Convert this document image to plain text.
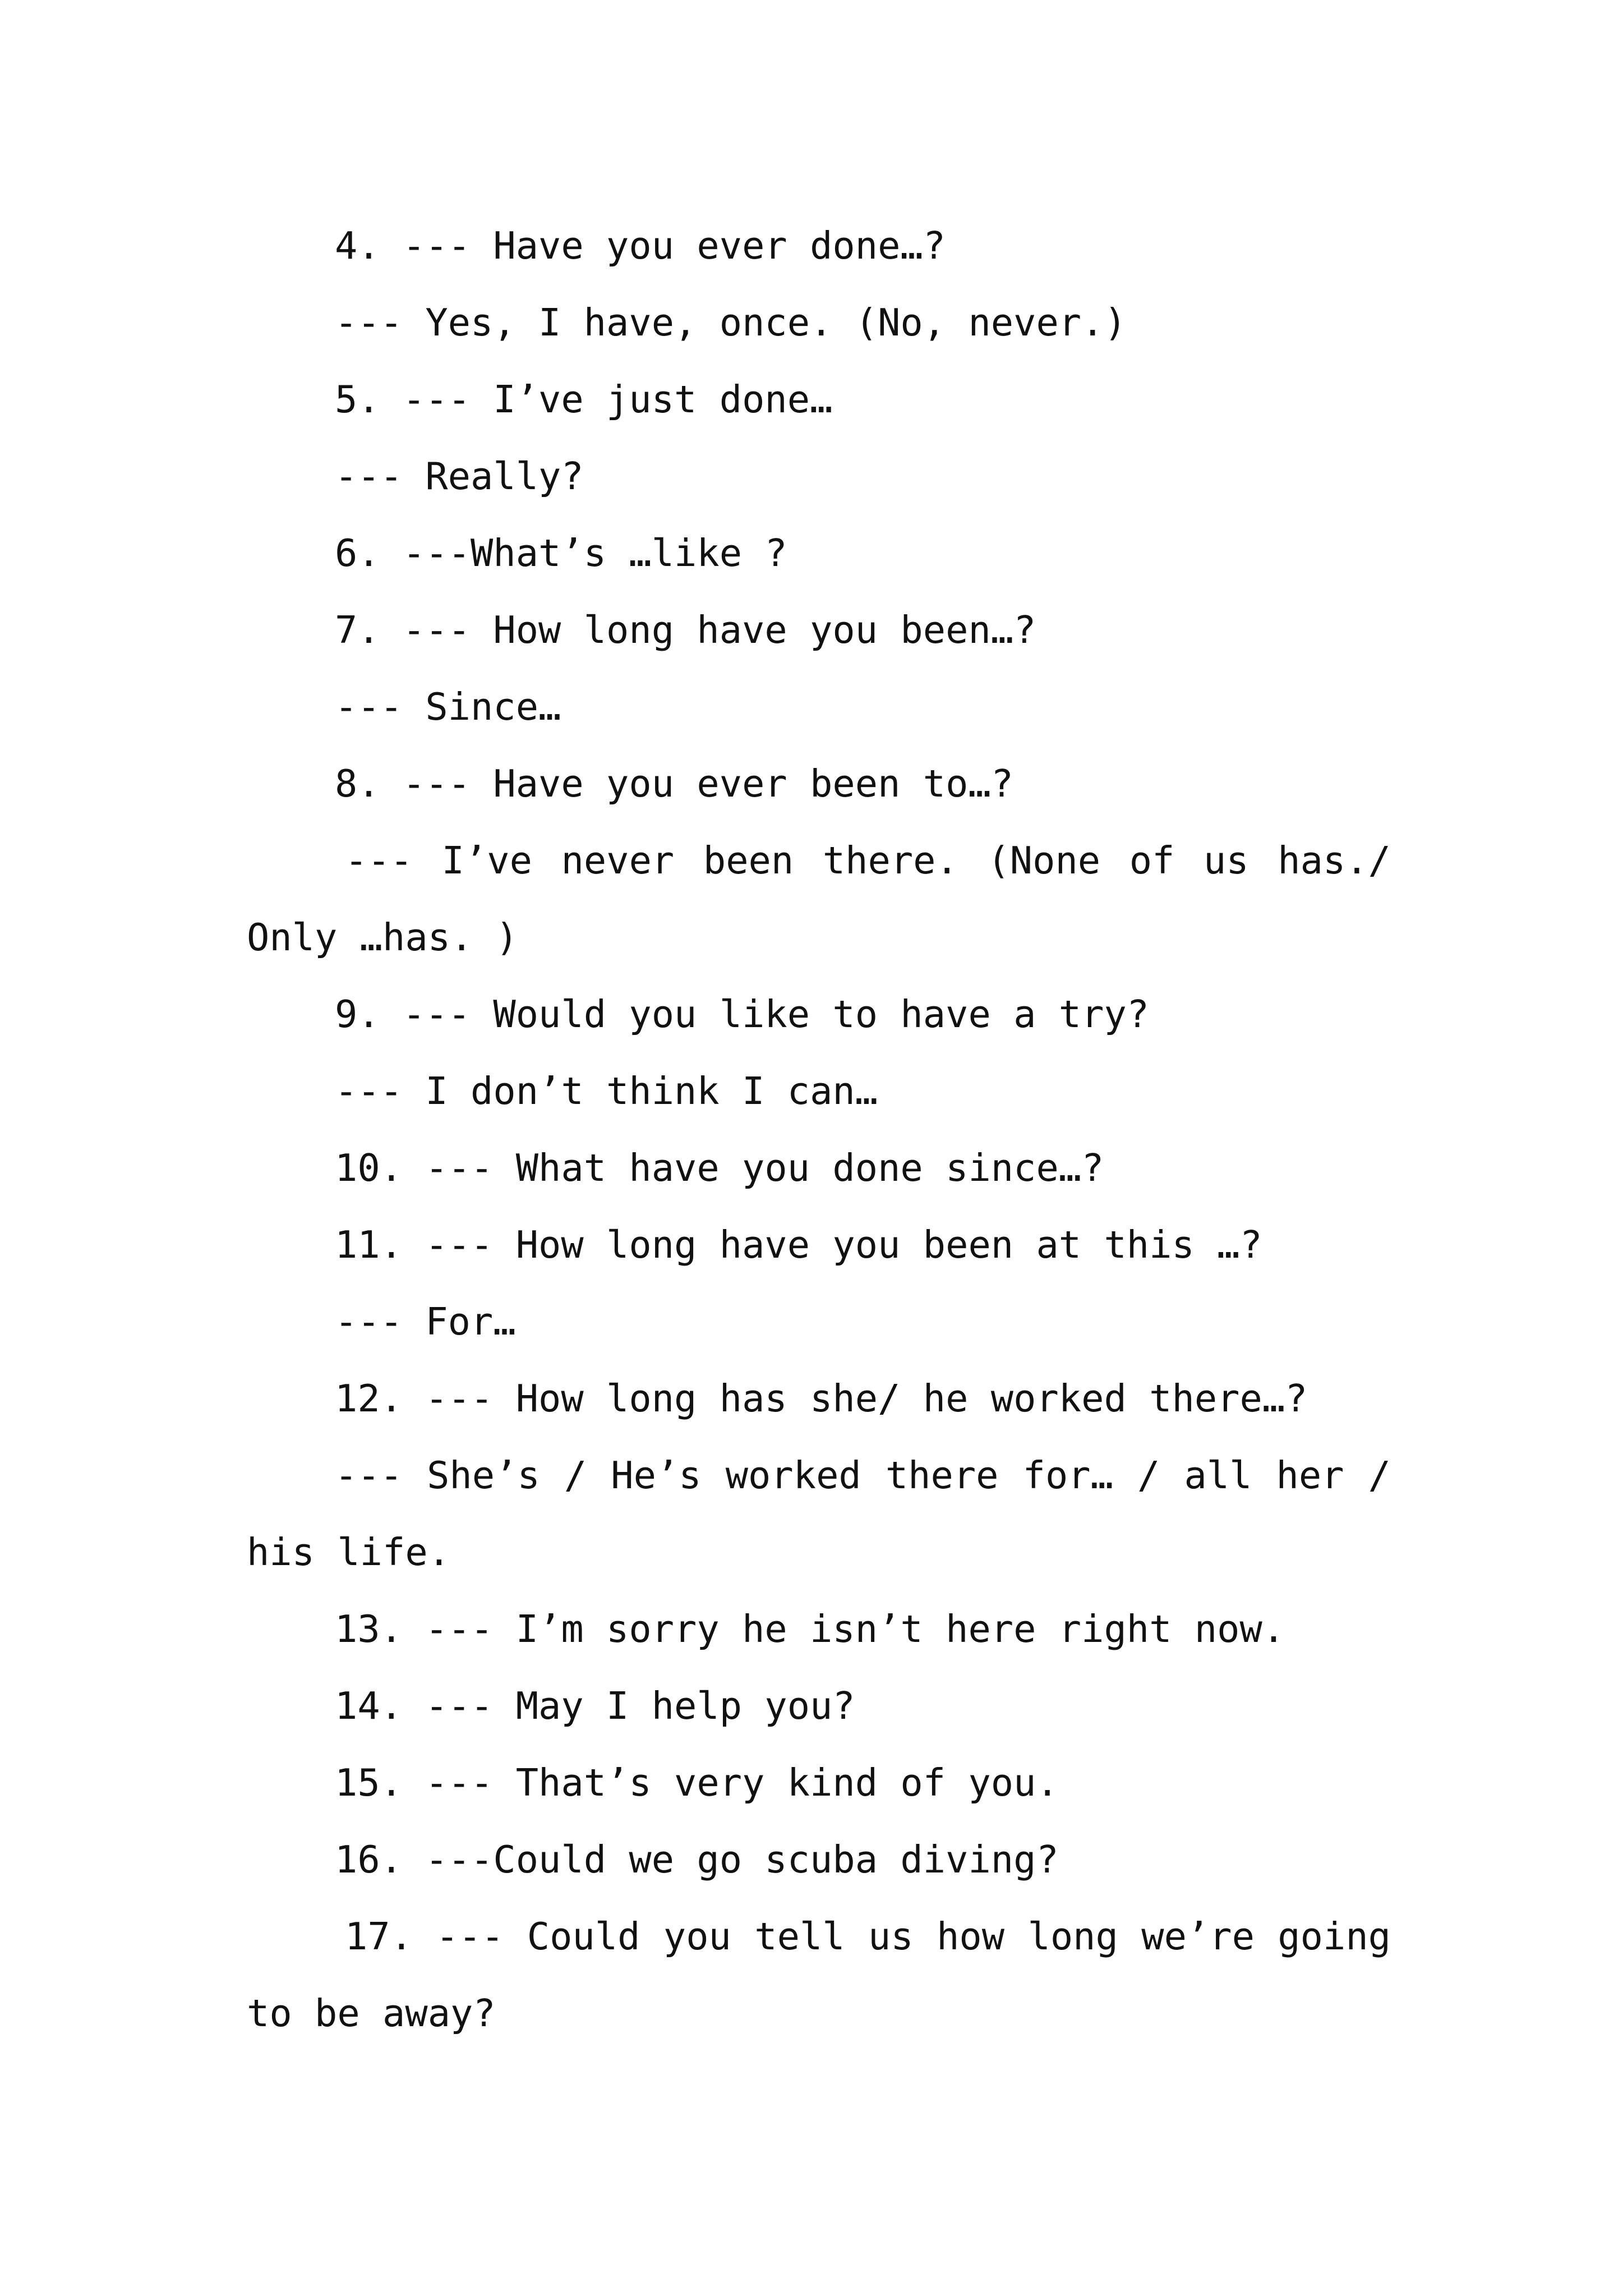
4. --- Have you ever done…?
--- Yes, I have, once. (No, never.)
5. --- I’ve just done…
--- Really?
6. ---What’s …like ?
7. --- How long have you been…?
--- Since…
8. --- Have you ever been to…?
--- I’ve never been there. (None of us has./
Only …has. )
9. --- Would you like to have a try?
--- I don’t think I can…
10. --- What have you done since…?
11. --- How long have you been at this …?
--- For…
12. --- How long has she/ he worked there…?
--- She’s / He’s worked there for… / all her /
his life.
13. --- I’m sorry he isn’t here right now.
14. --- May I help you?
15. --- That’s very kind of you.
16. ---Could we go scuba diving?
17. --- Could you tell us how long we’re going
to be away?
